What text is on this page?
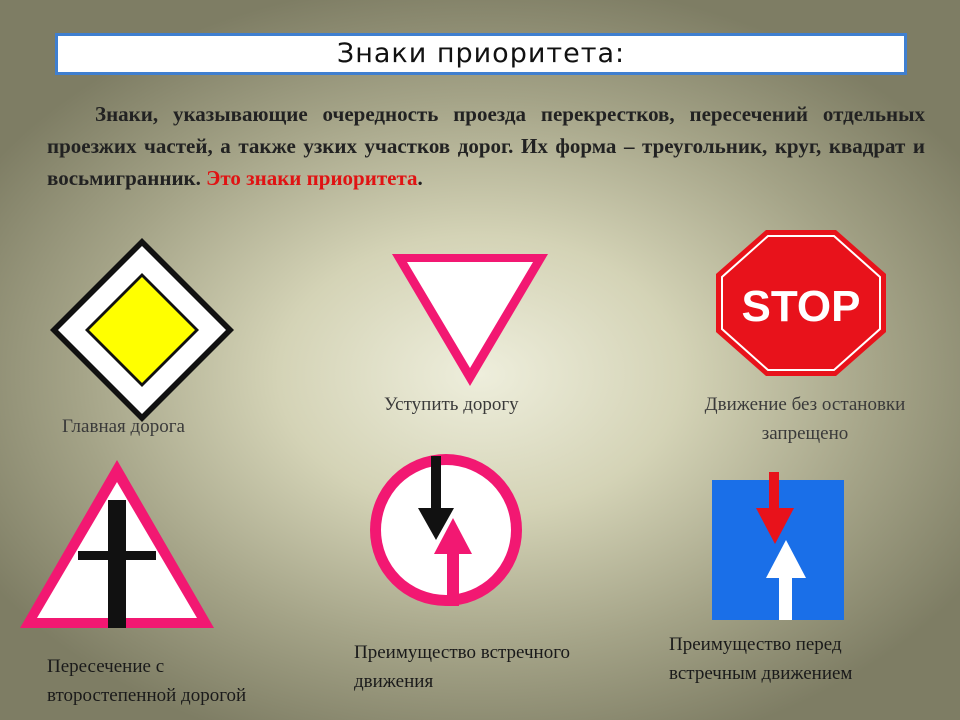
Знаки приоритета:

Знаки, указывающие очередность проезда перекрестков, пересечений отдельных проезжих частей, а также узких участков дорог. Их форма – треугольник, круг, квадрат и восьмигранник. Это знаки приоритета.

Главная дорога

Уступить дорогу

STOP

Движение без остановки
запрещено

Пересечение с
второстепенной дорогой

Преимущество встречного
движения

Преимущество перед
встречным движением
